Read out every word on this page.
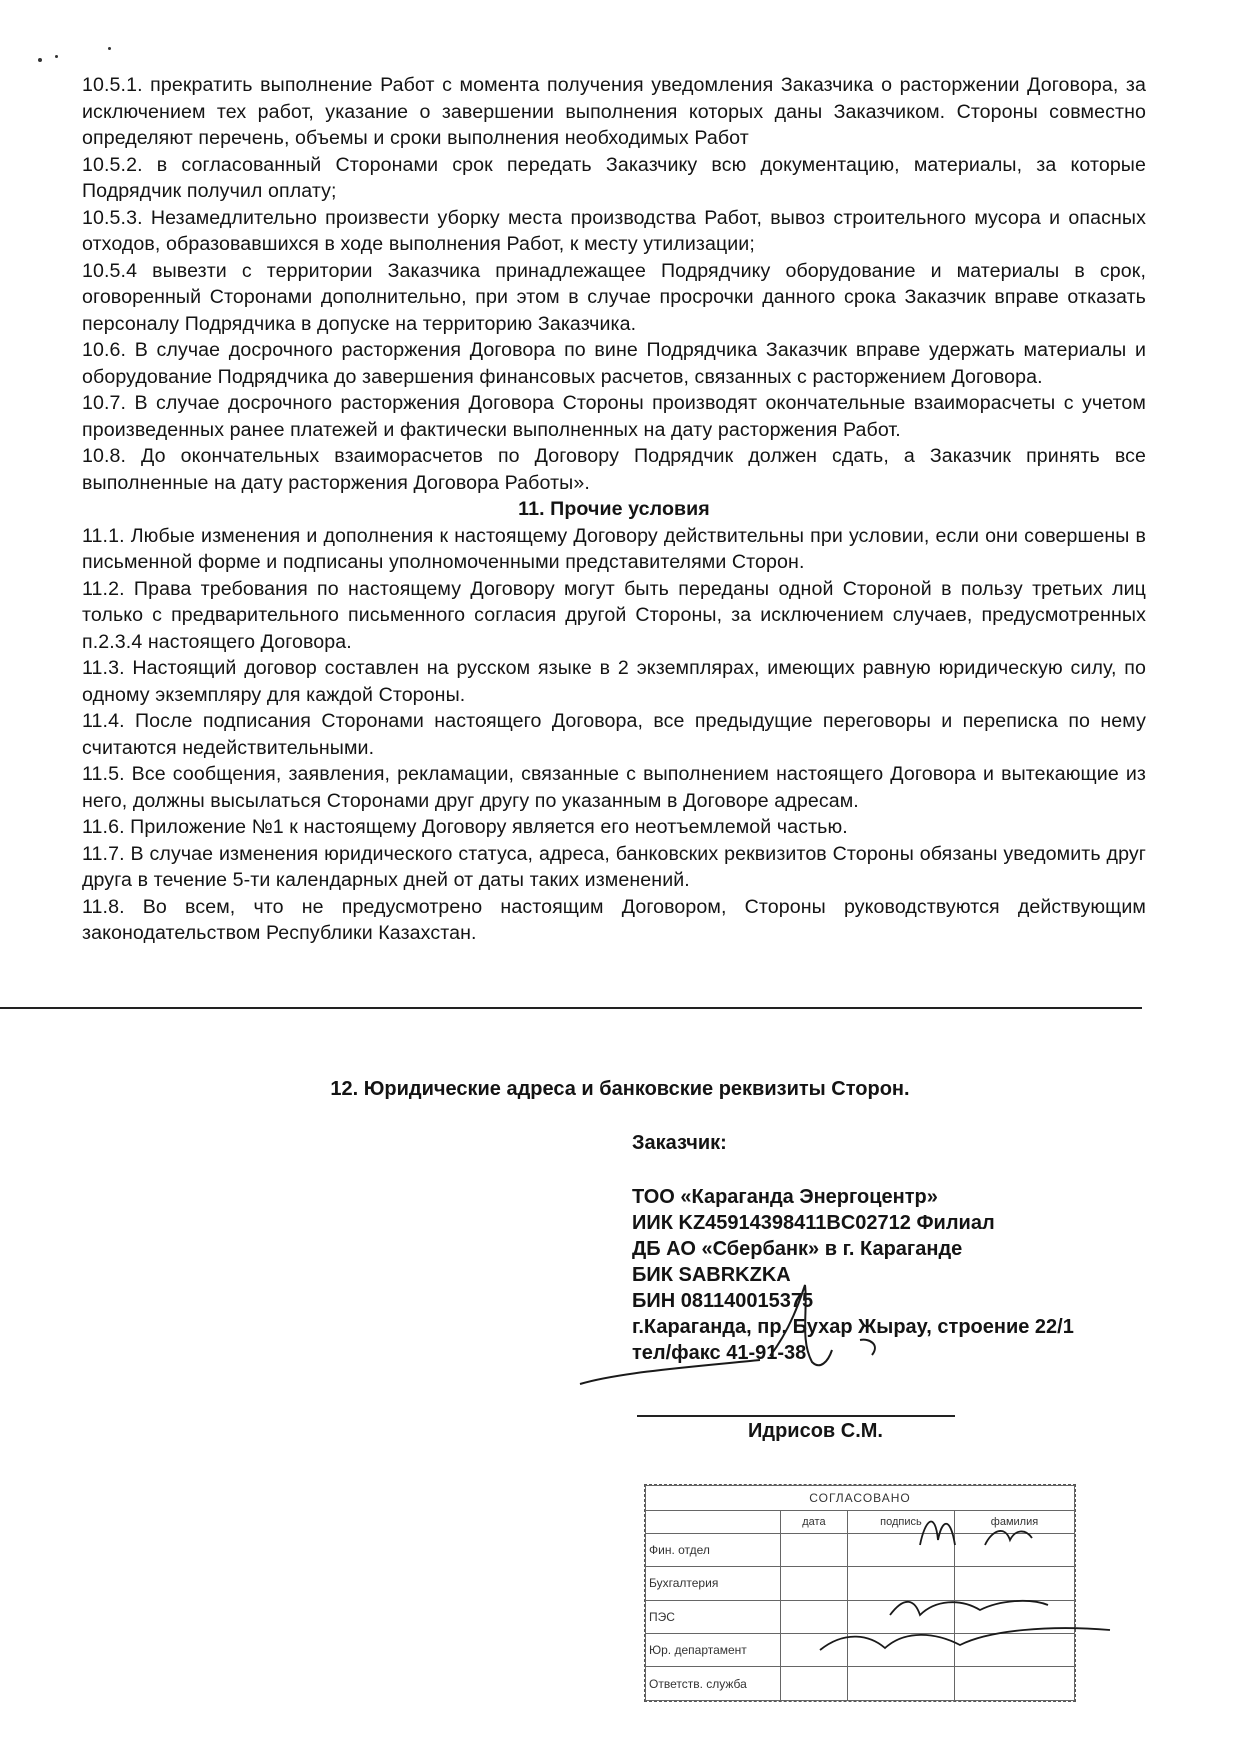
10.5.1. прекратить выполнение Работ с момента получения уведомления Заказчика о расторжении Договора, за исключением тех работ, указание о завершении выполнения которых даны Заказчиком. Стороны совместно определяют перечень, объемы и сроки выполнения необходимых Работ

10.5.2. в согласованный Сторонами срок передать Заказчику всю документацию, материалы, за которые Подрядчик получил оплату;

10.5.3. Незамедлительно произвести уборку места производства Работ, вывоз строительного мусора и опасных отходов, образовавшихся в ходе выполнения Работ, к месту утилизации;

10.5.4 вывезти с территории Заказчика принадлежащее Подрядчику оборудование и материалы в срок, оговоренный Сторонами дополнительно, при этом в случае просрочки данного срока Заказчик вправе отказать персоналу Подрядчика в допуске на территорию Заказчика.

10.6. В случае досрочного расторжения Договора по вине Подрядчика Заказчик вправе удержать материалы и оборудование Подрядчика до завершения финансовых расчетов, связанных с расторжением Договора.

10.7. В случае досрочного расторжения Договора Стороны производят окончательные взаиморасчеты с учетом произведенных ранее платежей и фактически выполненных на дату расторжения Работ.

10.8. До окончательных взаиморасчетов по Договору Подрядчик должен сдать, а Заказчик принять все выполненные на дату расторжения Договора Работы».

11. Прочие условия

11.1. Любые изменения и дополнения к настоящему Договору действительны при условии, если они совершены в письменной форме и подписаны уполномоченными представителями Сторон.

11.2. Права требования по настоящему Договору могут быть переданы одной Стороной в пользу третьих лиц только с предварительного письменного согласия другой Стороны, за исключением случаев, предусмотренных п.2.3.4 настоящего Договора.

11.3. Настоящий договор составлен на русском языке в 2 экземплярах, имеющих равную юридическую силу, по одному экземпляру для каждой Стороны.

11.4. После подписания Сторонами настоящего Договора, все предыдущие переговоры и переписка по нему считаются недействительными.

11.5. Все сообщения, заявления, рекламации, связанные с выполнением настоящего Договора и вытекающие из него, должны высылаться Сторонами друг другу по указанным в Договоре адресам.

11.6. Приложение №1 к настоящему Договору является его неотъемлемой частью.

11.7. В случае изменения юридического статуса, адреса, банковских реквизитов Стороны обязаны уведомить друг друга в течение 5-ти календарных дней от даты таких изменений.

11.8. Во всем, что не предусмотрено настоящим Договором, Стороны руководствуются действующим законодательством Республики Казахстан.

12. Юридические адреса и банковские реквизиты Сторон.
Заказчик:
ТОО «Караганда Энергоцентр»
ИИК KZ45914398411BC02712 Филиал
ДБ АО «Сбербанк» в г. Караганде
БИК SABRKZKA
БИН 081140015375
г.Караганда, пр. Бухар Жырау, строение 22/1
тел/факс 41-91-38
Идрисов С.М.
СОГЛАСОВАНО			
	дата	подпись	фамилия
Фин. отдел			
Бухгалтерия			
ПЭС			
Юр. департамент			
Ответств. служба			
